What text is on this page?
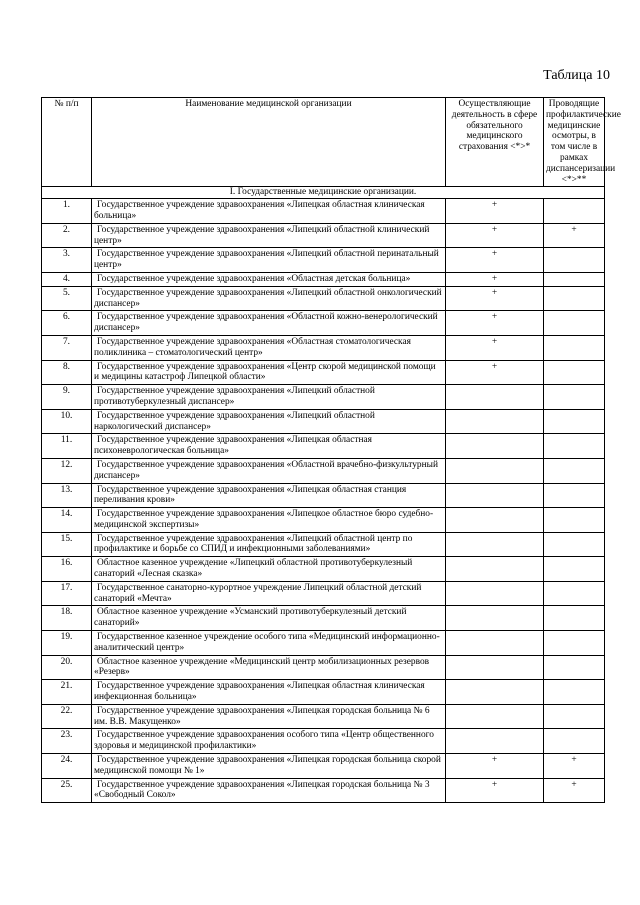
Таблица 10
№ п/п	Наименование медицинской организации	Осуществляющие деятельность в сфере обязательного медицинского страхования <*>*	Проводящие профилактические медицинские осмотры, в том числе в рамках диспансеризации <*>**
I. Государственные медицинские организации.			
1.	Государственное учреждение здравоохранения «Липецкая областная клиническая больница»	+	
2.	Государственное учреждение здравоохранения «Липецкий областной клинический центр»	+	+
3.	Государственное учреждение здравоохранения «Липецкий областной перинатальный центр»	+	
4.	Государственное учреждение здравоохранения «Областная детская больница»	+	
5.	Государственное учреждение здравоохранения «Липецкий областной онкологический диспансер»	+	
6.	Государственное учреждение здравоохранения «Областной кожно-венерологический диспансер»	+	
7.	Государственное учреждение здравоохранения «Областная стоматологическая поликлиника – стоматологический центр»	+	
8.	Государственное учреждение здравоохранения «Центр скорой медицинской помощи и медицины катастроф Липецкой области»	+	
9.	Государственное учреждение здравоохранения «Липецкий областной противотуберкулезный диспансер»		
10.	Государственное учреждение здравоохранения «Липецкий областной наркологический диспансер»		
11.	Государственное учреждение здравоохранения «Липецкая областная психоневрологическая больница»		
12.	Государственное учреждение здравоохранения «Областной врачебно-физкультурный диспансер»		
13.	Государственное учреждение здравоохранения «Липецкая областная станция переливания крови»		
14.	Государственное учреждение здравоохранения «Липецкое областное бюро судебно-медицинской экспертизы»		
15.	Государственное учреждение здравоохранения «Липецкий областной центр по профилактике и борьбе со СПИД и инфекционными заболеваниями»		
16.	Областное казенное учреждение «Липецкий областной противотуберкулезный санаторий «Лесная сказка»		
17.	Государственное санаторно-курортное учреждение Липецкий областной детский санаторий «Мечта»		
18.	Областное казенное учреждение «Усманский противотуберкулезный детский санаторий»		
19.	Государственное казенное учреждение особого типа «Медицинский информационно-аналитический центр»		
20.	Областное казенное учреждение «Медицинский центр мобилизационных резервов «Резерв»		
21.	Государственное учреждение здравоохранения «Липецкая областная клиническая инфекционная больница»		
22.	Государственное учреждение здравоохранения «Липецкая городская больница № 6 им. В.В. Макущенко»		
23.	Государственное учреждение здравоохранения особого типа «Центр общественного здоровья и медицинской профилактики»		
24.	Государственное учреждение здравоохранения «Липецкая городская больница скорой медицинской помощи № 1»	+	+
25.	Государственное учреждение здравоохранения «Липецкая городская больница № 3 «Свободный Сокол»	+	+
